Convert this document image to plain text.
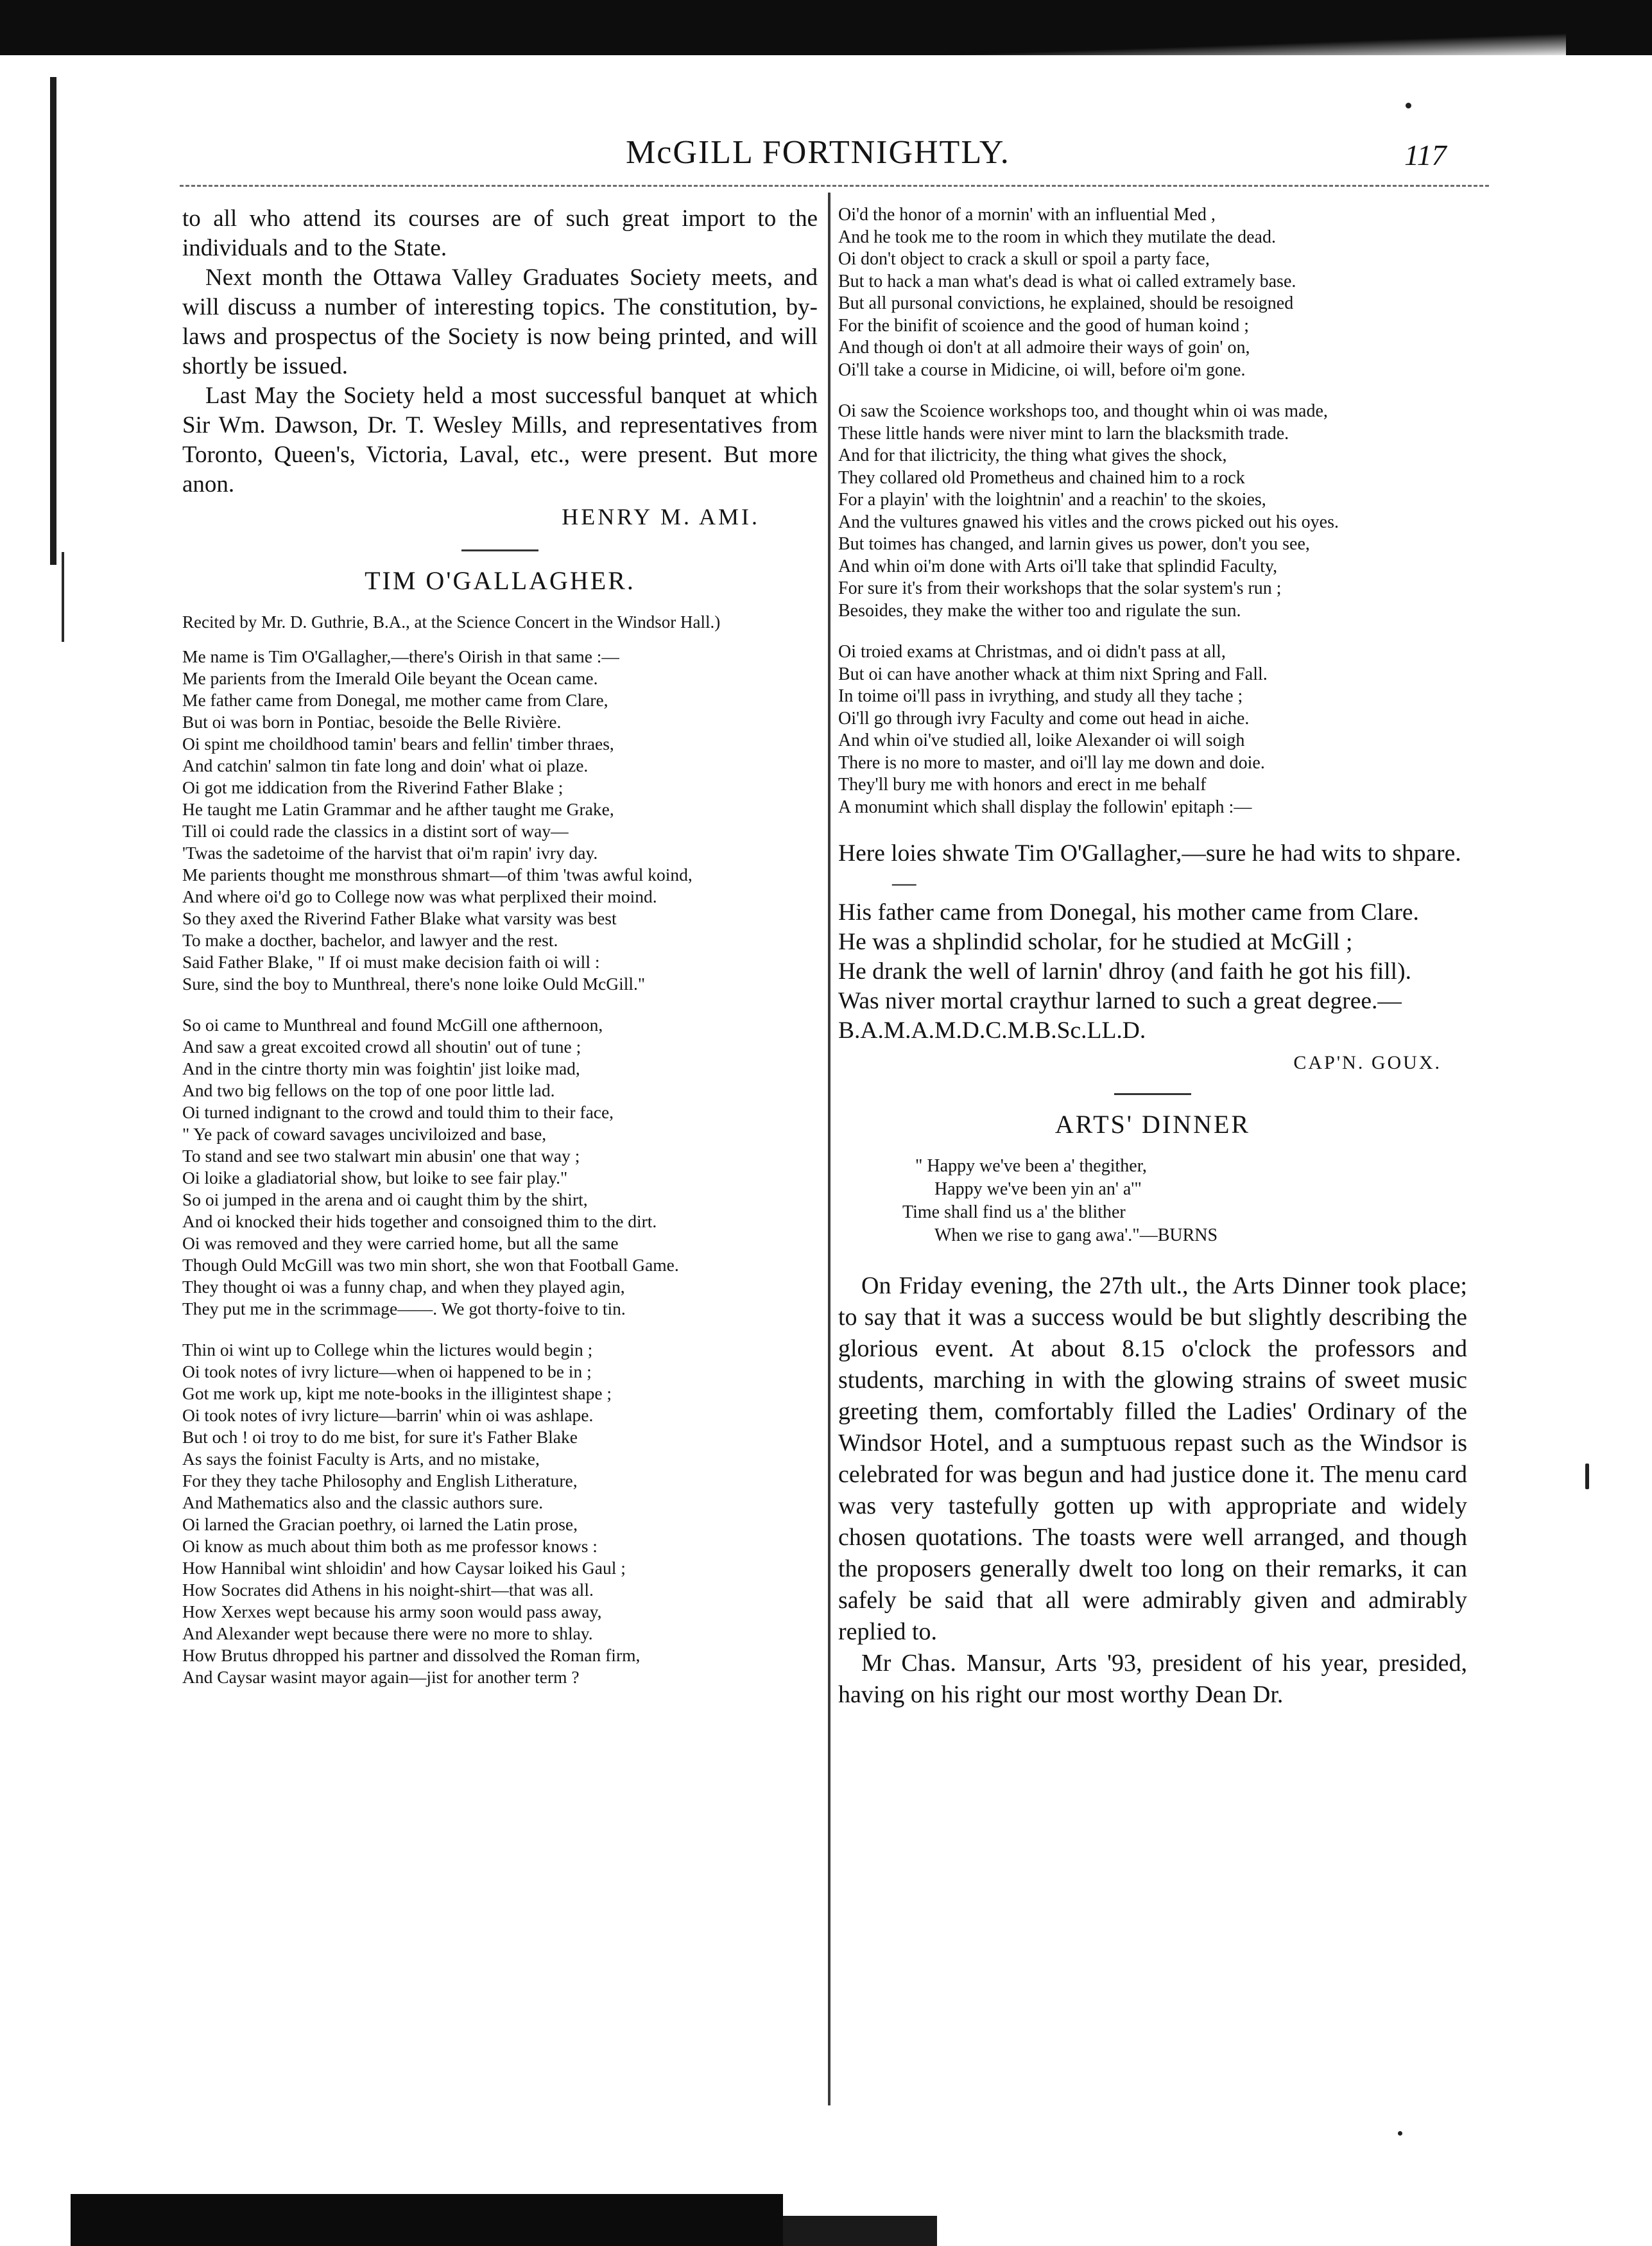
McGILL FORTNIGHTLY.	117

to all who attend its courses are of such great import to the individuals and to the State.

Next month the Ottawa Valley Graduates Society meets, and will discuss a number of interesting topics. The constitution, by-laws and prospectus of the Society is now being printed, and will shortly be issued.

Last May the Society held a most successful banquet at which Sir Wm. Dawson, Dr. T. Wesley Mills, and representatives from Toronto, Queen's, Victoria, Laval, etc., were present. But more anon.

HENRY M. AMI.
TIM O'GALLAGHER.
Recited by Mr. D. Guthrie, B.A., at the Science Concert in the Windsor Hall.)
Me name is Tim O'Gallagher,—there's Oirish in that same :—
Me parients from the Imerald Oile beyant the Ocean came.
Me father came from Donegal, me mother came from Clare,
But oi was born in Pontiac, besoide the Belle Rivière.
Oi spint me choildhood tamin' bears and fellin' timber thraes,
And catchin' salmon tin fate long and doin' what oi plaze.
Oi got me iddication from the Riverind Father Blake ;
He taught me Latin Grammar and he afther taught me Grake,
Till oi could rade the classics in a distint sort of way—
'Twas the sadetoime of the harvist that oi'm rapin' ivry day.
Me parients thought me monsthrous shmart—of thim 'twas awful koind,
And where oi'd go to College now was what perplixed their moind.
So they axed the Riverind Father Blake what varsity was best
To make a docther, bachelor, and lawyer and the rest.
Said Father Blake, " If oi must make decision faith oi will :
Sure, sind the boy to Munthreal, there's none loike Ould McGill."
So oi came to Munthreal and found McGill one afthernoon,
And saw a great excoited crowd all shoutin' out of tune ;
And in the cintre thorty min was foightin' jist loike mad,
And two big fellows on the top of one poor little lad.
Oi turned indignant to the crowd and tould thim to their face,
" Ye pack of coward savages unciviloized and base,
To stand and see two stalwart min abusin' one that way ;
Oi loike a gladiatorial show, but loike to see fair play."
So oi jumped in the arena and oi caught thim by the shirt,
And oi knocked their hids together and consoigned thim to the dirt.
Oi was removed and they were carried home, but all the same
Though Ould McGill was two min short, she won that Football Game.
They thought oi was a funny chap, and when they played agin,
They put me in the scrimmage——. We got thorty-foive to tin.
Thin oi wint up to College whin the lictures would begin ;
Oi took notes of ivry licture—when oi happened to be in ;
Got me work up, kipt me note-books in the illigintest shape ;
Oi took notes of ivry licture—barrin' whin oi was ashlape.
But och ! oi troy to do me bist, for sure it's Father Blake
As says the foinist Faculty is Arts, and no mistake,
For they they tache Philosophy and English Litherature,
And Mathematics also and the classic authors sure.
Oi larned the Gracian poethry, oi larned the Latin prose,
Oi know as much about thim both as me professor knows :
How Hannibal wint shloidin' and how Caysar loiked his Gaul ;
How Socrates did Athens in his noight-shirt—that was all.
How Xerxes wept because his army soon would pass away,
And Alexander wept because there were no more to shlay.
How Brutus dhropped his partner and dissolved the Roman firm,
And Caysar wasint mayor again—jist for another term ?
Oi'd the honor of a mornin' with an influential Med ,
And he took me to the room in which they mutilate the dead.
Oi don't object to crack a skull or spoil a party face,
But to hack a man what's dead is what oi called extramely base.
But all pursonal convictions, he explained, should be resoigned
For the binifit of scoience and the good of human koind ;
And though oi don't at all admoire their ways of goin' on,
Oi'll take a course in Midicine, oi will, before oi'm gone.
Oi saw the Scoience workshops too, and thought whin oi was made,
These little hands were niver mint to larn the blacksmith trade.
And for that ilictricity, the thing what gives the shock,
They collared old Prometheus and chained him to a rock
For a playin' with the loightnin' and a reachin' to the skoies,
And the vultures gnawed his vitles and the crows picked out his oyes.
But toimes has changed, and larnin gives us power, don't you see,
And whin oi'm done with Arts oi'll take that splindid Faculty,
For sure it's from their workshops that the solar system's run ;
Besoides, they make the wither too and rigulate the sun.
Oi troied exams at Christmas, and oi didn't pass at all,
But oi can have another whack at thim nixt Spring and Fall.
In toime oi'll pass in ivrything, and study all they tache ;
Oi'll go through ivry Faculty and come out head in aiche.
And whin oi've studied all, loike Alexander oi will soigh
There is no more to master, and oi'll lay me down and doie.
They'll bury me with honors and erect in me behalf
A monumint which shall display the followin' epitaph :—
Here loies shwate Tim O'Gallagher,—sure he had wits to shpare.—
His father came from Donegal, his mother came from Clare.
He was a shplindid scholar, for he studied at McGill ;
He drank the well of larnin' dhroy (and faith he got his fill).
Was niver mortal craythur larned to such a great degree.—
B.A.M.A.M.D.C.M.B.Sc.LL.D.
CAP'N. GOUX.
ARTS' DINNER
" Happy we've been a' thegither,
Happy we've been yin an' a'"
Time shall find us a' the blither
When we rise to gang awa'."—BURNS

On Friday evening, the 27th ult., the Arts Dinner took place; to say that it was a success would be but slightly describing the glorious event. At about 8.15 o'clock the professors and students, marching in with the glowing strains of sweet music greeting them, comfortably filled the Ladies' Ordinary of the Windsor Hotel, and a sumptuous repast such as the Windsor is celebrated for was begun and had justice done it. The menu card was very tastefully gotten up with appropriate and widely chosen quotations. The toasts were well arranged, and though the proposers generally dwelt too long on their remarks, it can safely be said that all were admirably given and admirably replied to.

Mr Chas. Mansur, Arts '93, president of his year, presided, having on his right our most worthy Dean Dr.
